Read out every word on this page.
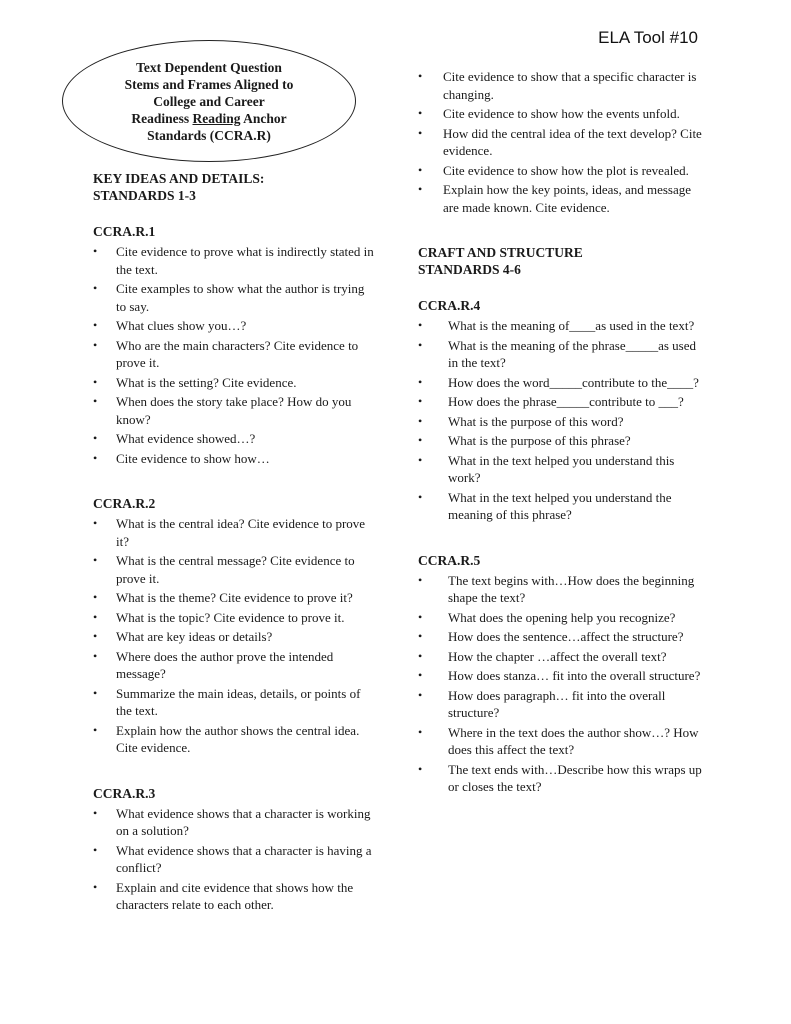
ELA Tool #10
Text Dependent Question
Stems and Frames Aligned to
College and Career
Readiness Reading Anchor
Standards (CCRA.R)
KEY IDEAS AND DETAILS:
STANDARDS 1-3
CCRA.R.1
• Cite evidence to prove what is indirectly stated in the text.
• Cite examples to show what the author is trying to say.
• What clues show you…?
• Who are the main characters? Cite evidence to prove it.
• What is the setting? Cite evidence.
• When does the story take place? How do you know?
• What evidence showed…?
• Cite evidence to show how…
CCRA.R.2
• What is the central idea? Cite evidence to prove it?
• What is the central message? Cite evidence to prove it.
• What is the theme? Cite evidence to prove it?
• What is the topic? Cite evidence to prove it.
• What are key ideas or details?
• Where does the author prove the intended message?
• Summarize the main ideas, details, or points of the text.
• Explain how the author shows the central idea. Cite evidence.
CCRA.R.3
• What evidence shows that a character is working on a solution?
• What evidence shows that a character is having a conflict?
• Explain and cite evidence that shows how the characters relate to each other.
• Cite evidence to show that a specific character is changing.
• Cite evidence to show how the events unfold.
• How did the central idea of the text develop? Cite evidence.
• Cite evidence to show how the plot is revealed.
• Explain how the key points, ideas, and message are made known. Cite evidence.
CRAFT AND STRUCTURE
STANDARDS 4-6
CCRA.R.4
• What is the meaning of____as used in the text?
• What is the meaning of the phrase_____as used in the text?
• How does the word_____contribute to the____?
• How does the phrase_____contribute to ___?
• What is the purpose of this word?
• What is the purpose of this phrase?
• What in the text helped you understand this work?
• What in the text helped you understand the meaning of this phrase?
CCRA.R.5
• The text begins with…How does the beginning shape the text?
• What does the opening help you recognize?
• How does the sentence…affect the structure?
• How the chapter …affect the overall text?
• How does stanza… fit into the overall structure?
• How does paragraph… fit into the overall structure?
• Where in the text does the author show…? How does this affect the text?
• The text ends with…Describe how this wraps up or closes the text?
